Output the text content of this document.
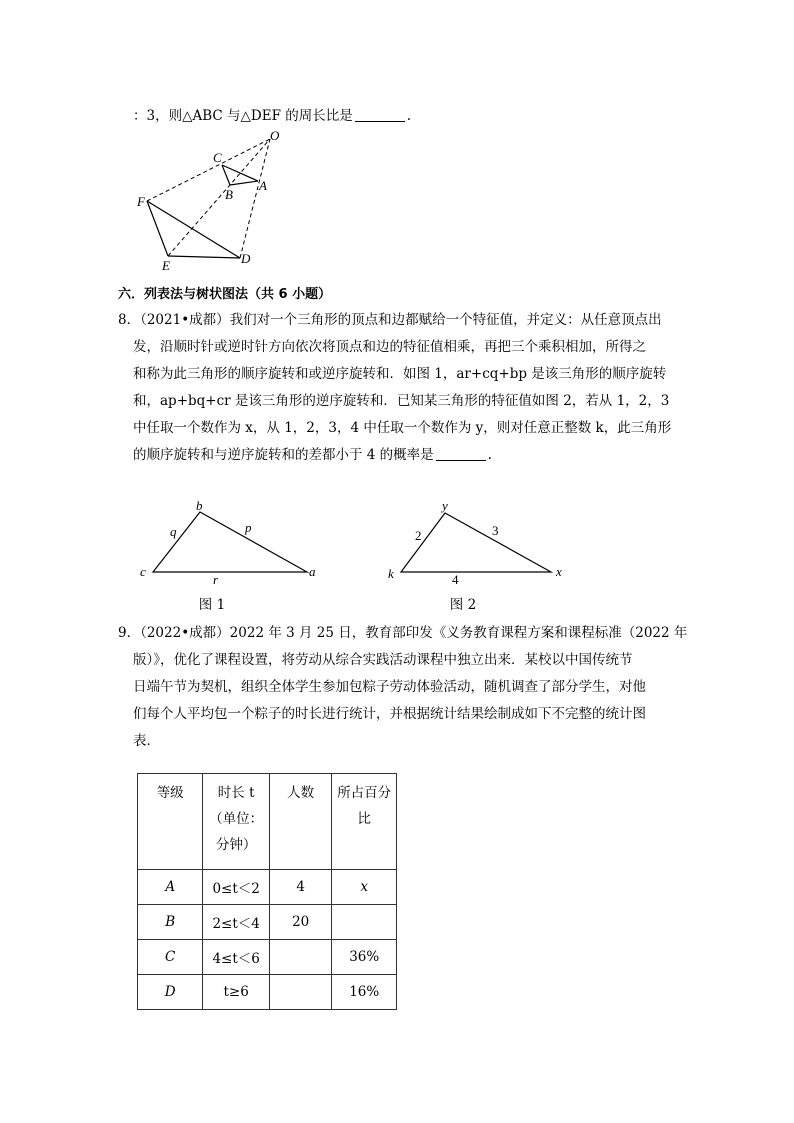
：3，则△ABC 与△DEF 的周长比是	.
O
C
A
B
F
D
E
六．列表法与树状图法（共 6 小题）
8．（2021•成都）我们对一个三角形的顶点和边都赋给一个特征值，并定义：从任意顶点出
发，沿顺时针或逆时针方向依次将顶点和边的特征值相乘，再把三个乘积相加，所得之
和称为此三角形的顺序旋转和或逆序旋转和．如图 1，ar+cq+bp 是该三角形的顺序旋转
和，ap+bq+cr 是该三角形的逆序旋转和．已知某三角形的特征值如图 2，若从 1，2，3
中任取一个数作为 x，从 1，2，3，4 中任取一个数作为 y，则对任意正整数 k，此三角形
的顺序旋转和与逆序旋转和的差都小于 4 的概率是	.
b
c	a
q	p
r
图 1
y
k	x
2	3
4
图 2
9．（2022•成都）2022 年 3 月 25 日，教育部印发《义务教育课程方案和课程标准（2022 年
版）》，优化了课程设置，将劳动从综合实践活动课程中独立出来．某校以中国传统节
日端午节为契机，组织全体学生参加包粽子劳动体验活动，随机调查了部分学生，对他
们每个人平均包一个粽子的时长进行统计，并根据统计结果绘制成如下不完整的统计图
表．
等级	时长 t
（单位：
分钟）	人数	所占百分
比
A	0≤t＜2	4	x
B	2≤t＜4	20	
C	4≤t＜6		36%
D	t≥6		16%
